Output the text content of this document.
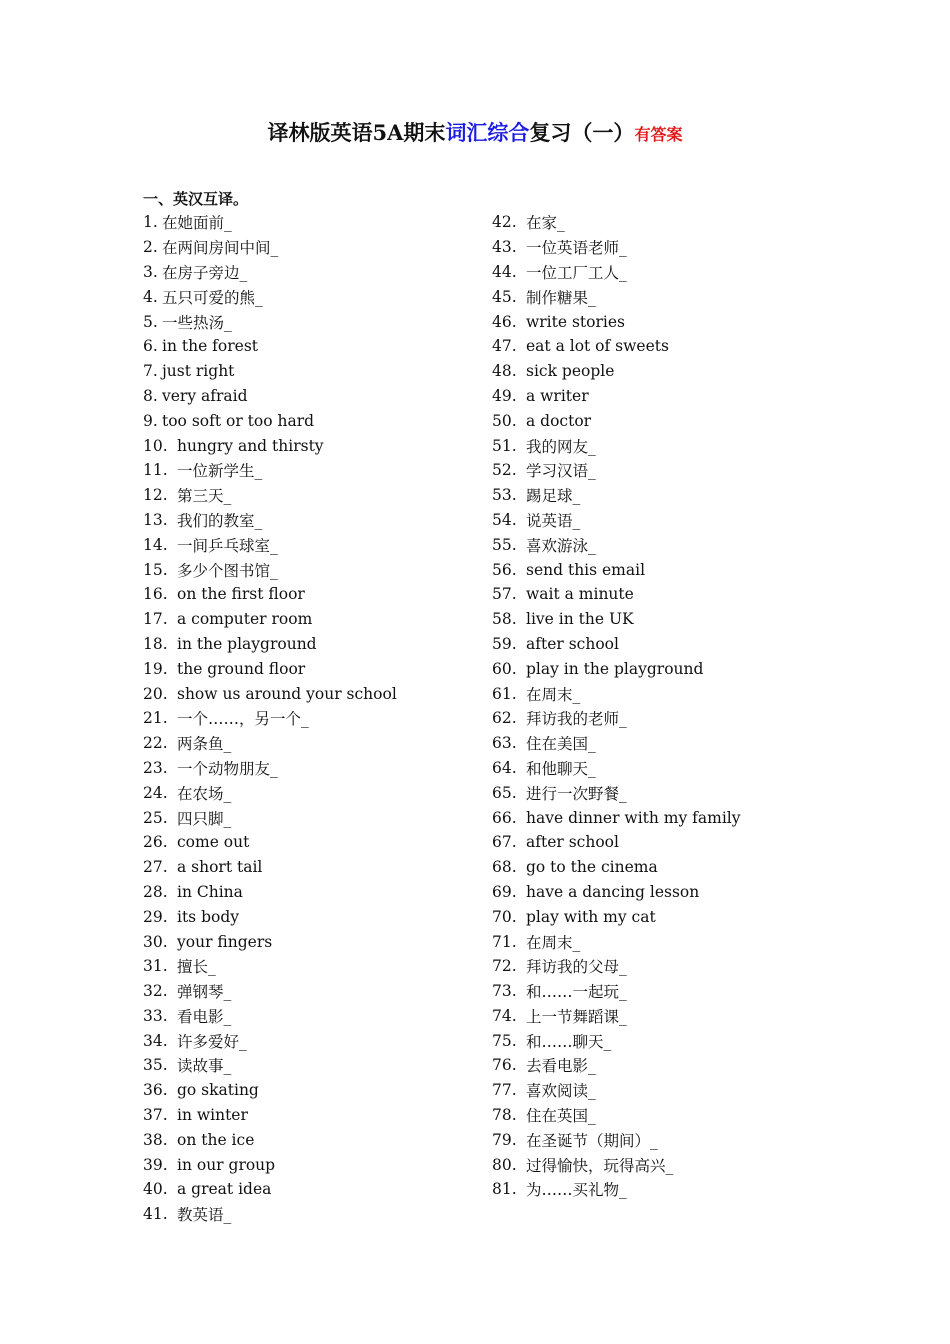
译林版英语5A期末词汇综合复习（一）有答案
一、英汉互译。
1. 在她面前_
2. 在两间房间中间_
3. 在房子旁边_
4. 五只可爱的熊_
5. 一些热汤_
6. in the forest
7. just right
8. very afraid
9. too soft or too hard
10. hungry and thirsty
11. 一位新学生_
12. 第三天_
13. 我们的教室_
14. 一间乒乓球室_
15. 多少个图书馆_
16. on the first floor
17. a computer room
18. in the playground
19. the ground floor
20. show us around your school
21. 一个……，另一个_
22. 两条鱼_
23. 一个动物朋友_
24. 在农场_
25. 四只脚_
26. come out
27. a short tail
28. in China
29. its body
30. your fingers
31. 擅长_
32. 弹钢琴_
33. 看电影_
34. 许多爱好_
35. 读故事_
36. go skating
37. in winter
38. on the ice
39. in our group
40. a great idea
41. 教英语_
42. 在家_
43. 一位英语老师_
44. 一位工厂工人_
45. 制作糖果_
46. write stories
47. eat a lot of sweets
48. sick people
49. a writer
50. a doctor
51. 我的网友_
52. 学习汉语_
53. 踢足球_
54. 说英语_
55. 喜欢游泳_
56. send this email
57. wait a minute
58. live in the UK
59. after school
60. play in the playground
61. 在周末_
62. 拜访我的老师_
63. 住在美国_
64. 和他聊天_
65. 进行一次野餐_
66. have dinner with my family
67. after school
68. go to the cinema
69. have a dancing lesson
70. play with my cat
71. 在周末_
72. 拜访我的父母_
73. 和……一起玩_
74. 上一节舞蹈课_
75. 和……聊天_
76. 去看电影_
77. 喜欢阅读_
78. 住在英国_
79. 在圣诞节（期间）_
80. 过得愉快，玩得高兴_
81. 为……买礼物_
